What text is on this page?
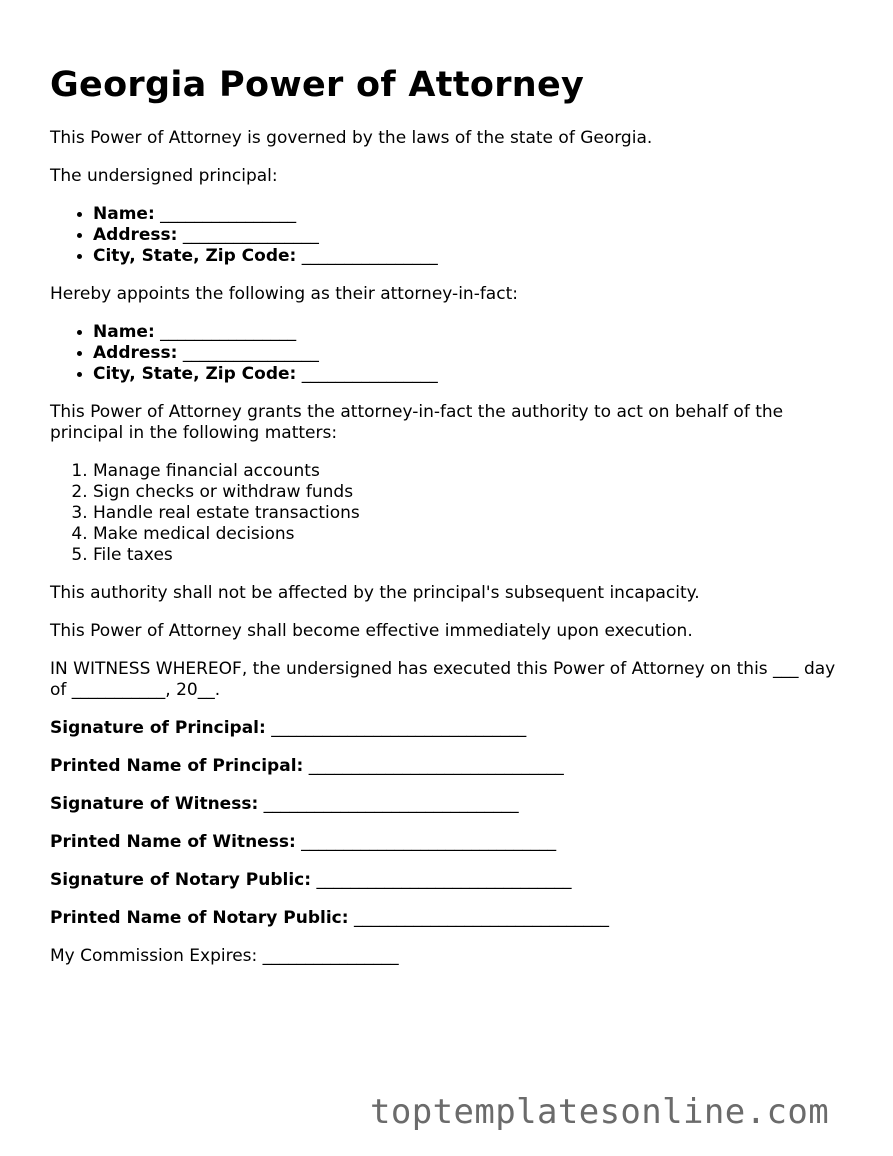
Georgia Power of Attorney

This Power of Attorney is governed by the laws of the state of Georgia.

The undersigned principal:

• Name: ________________
• Address: ________________
• City, State, Zip Code: ________________

Hereby appoints the following as their attorney-in-fact:

• Name: ________________
• Address: ________________
• City, State, Zip Code: ________________

This Power of Attorney grants the attorney-in-fact the authority to act on behalf of the principal in the following matters:

1. Manage financial accounts
2. Sign checks or withdraw funds
3. Handle real estate transactions
4. Make medical decisions
5. File taxes

This authority shall not be affected by the principal's subsequent incapacity.

This Power of Attorney shall become effective immediately upon execution.

IN WITNESS WHEREOF, the undersigned has executed this Power of Attorney on this ___ day of ___________, 20__.

Signature of Principal: ______________________________
Printed Name of Principal: ______________________________
Signature of Witness: ______________________________
Printed Name of Witness: ______________________________
Signature of Notary Public: ______________________________
Printed Name of Notary Public: ______________________________
My Commission Expires: ________________
toptemplatesonline.com
